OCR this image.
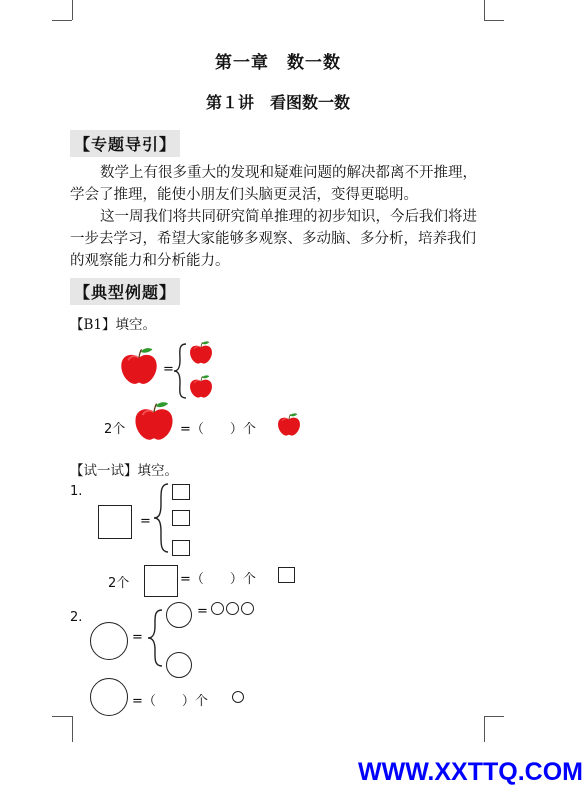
第一章　数一数
第１讲　看图数一数
【专题导引】
数学上有很多重大的发现和疑难问题的解决都离不开推理，学会了推理，能使小朋友们头脑更灵活，变得更聪明。
这一周我们将共同研究简单推理的初步知识，今后我们将进一步去学习，希望大家能够多观察、多动脑、多分析，培养我们的观察能力和分析能力。
【典型例题】
【B1】填空。
=
2个	=（　　）个
【试一试】填空。
1.
=
2个	=（　　）个
2.
=
=
=（　　）个
WWW.XXTTQ.COM
